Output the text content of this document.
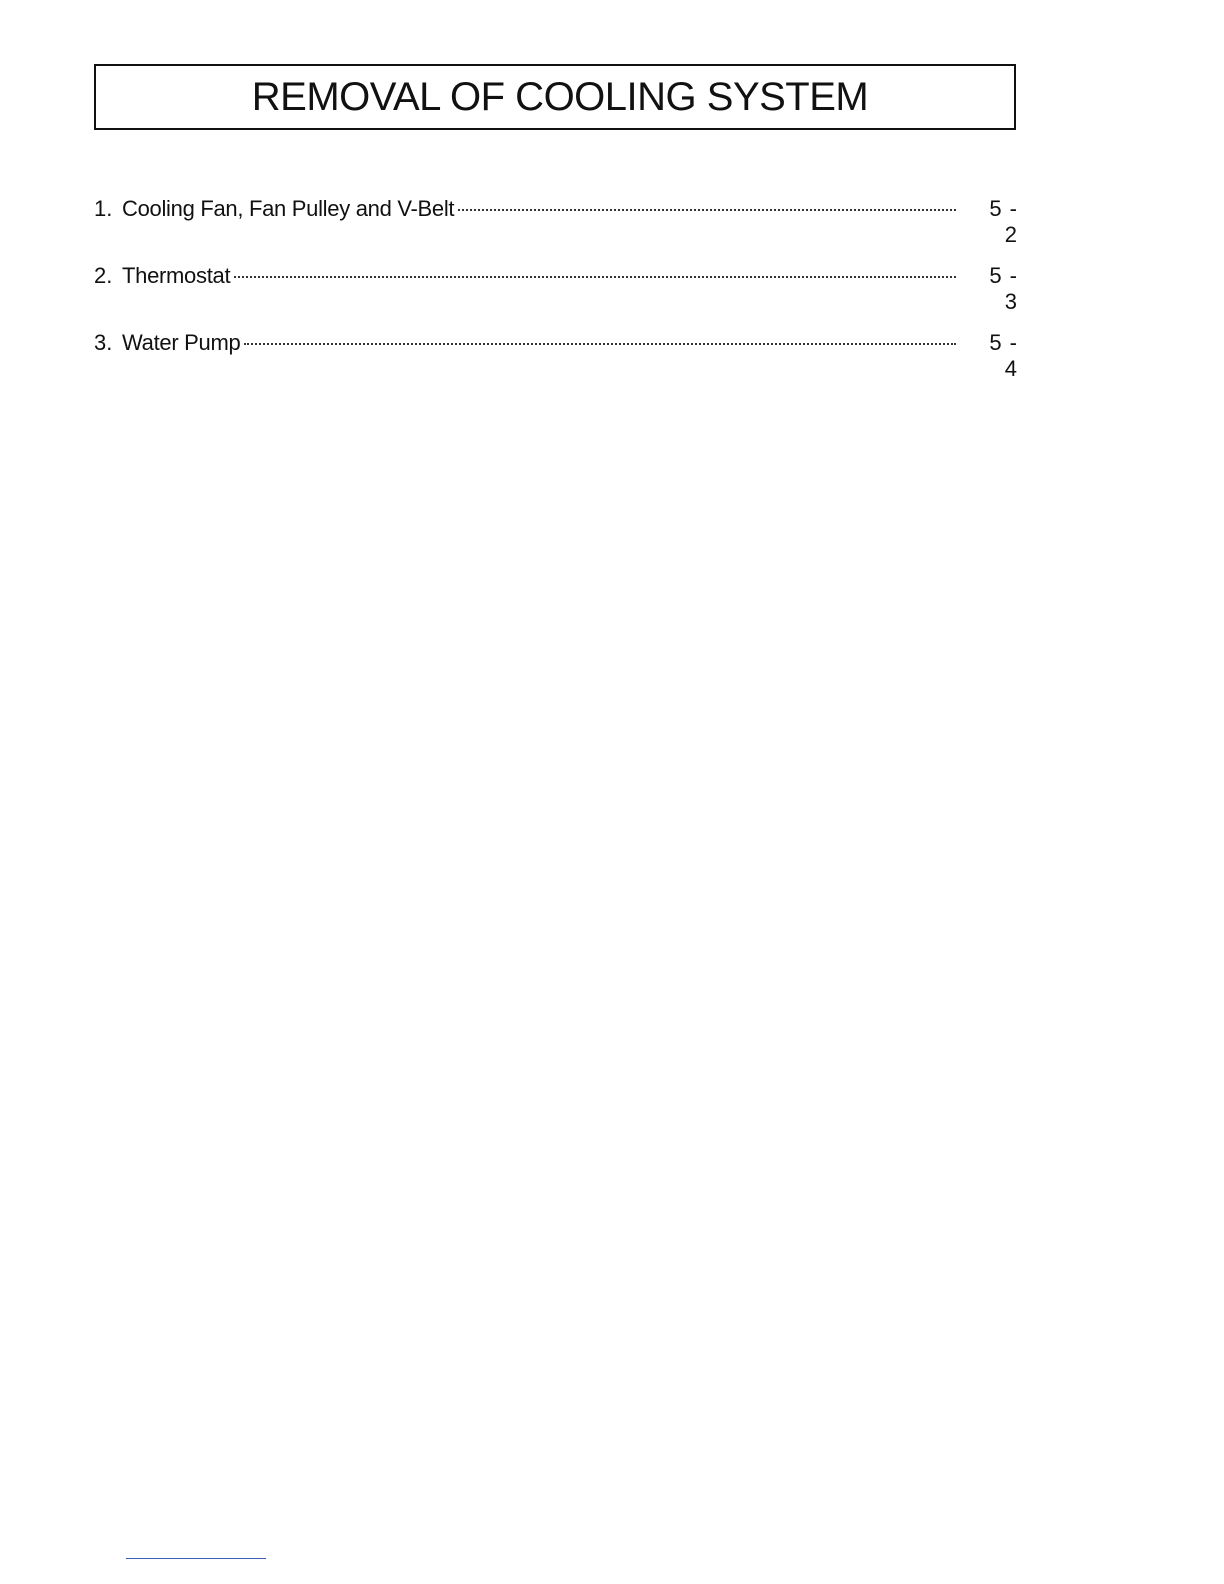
REMOVAL OF COOLING SYSTEM
1. Cooling Fan, Fan Pulley and V-Belt	5 - 2
2. Thermostat	5 - 3
3. Water Pump	5 - 4
